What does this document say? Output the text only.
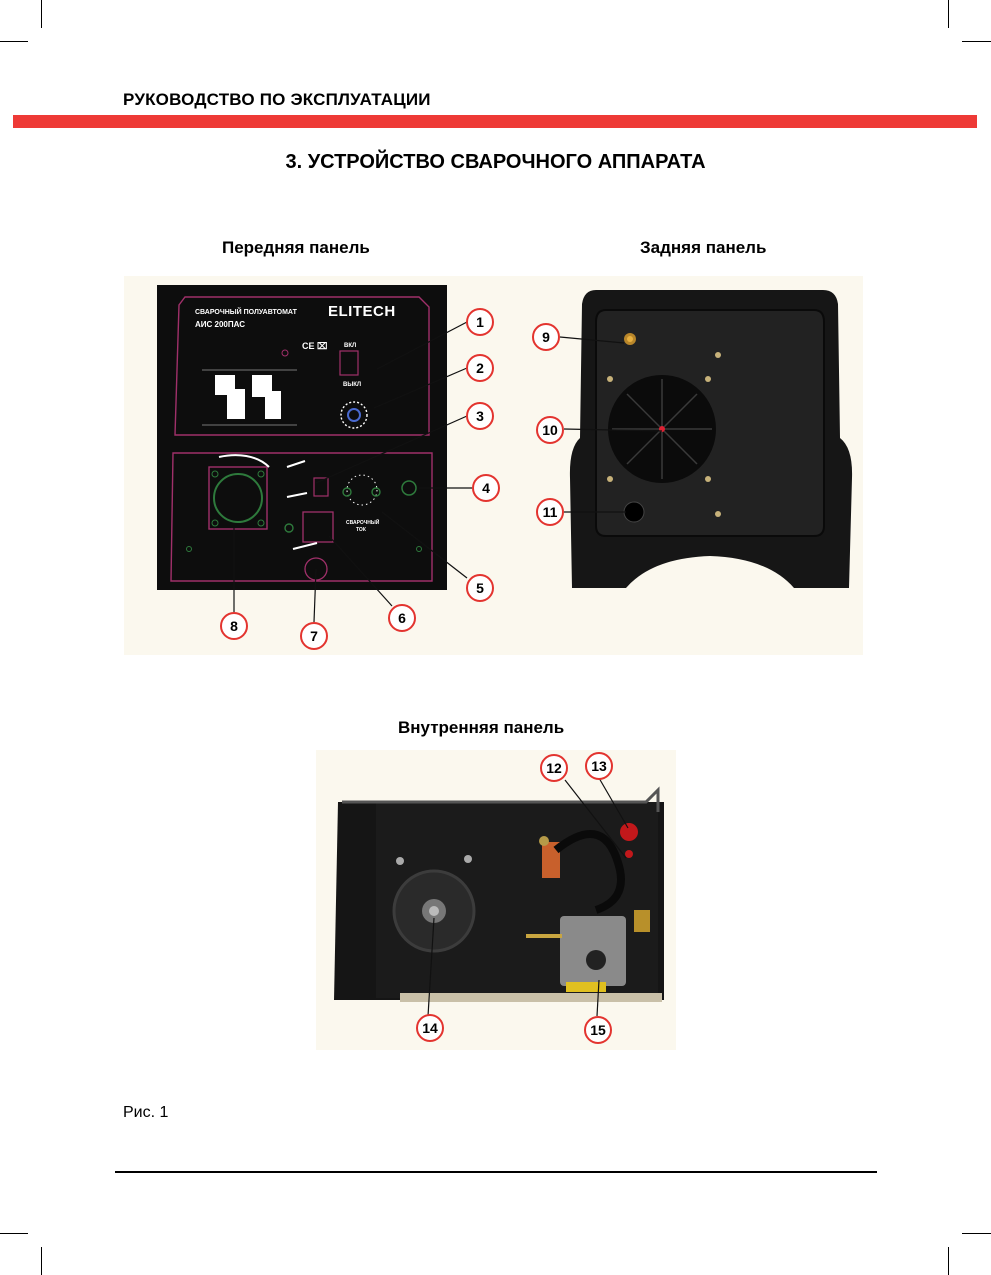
РУКОВОДСТВО ПО ЭКСПЛУАТАЦИИ
3. УСТРОЙСТВО СВАРОЧНОГО АППАРАТА
Передняя панель	Задняя панель
СВАРОЧНЫЙ ПОЛУАВТОМАТ
АИС 200ПАС
ELITECH
CE ⌧	ВКЛ
ВЫКЛ
СВАРОЧНЫЙ
ТОК
1
2
3
4
5
6
7
8
9
10
11
Внутренняя панель
12	13
14	15
Рис. 1
